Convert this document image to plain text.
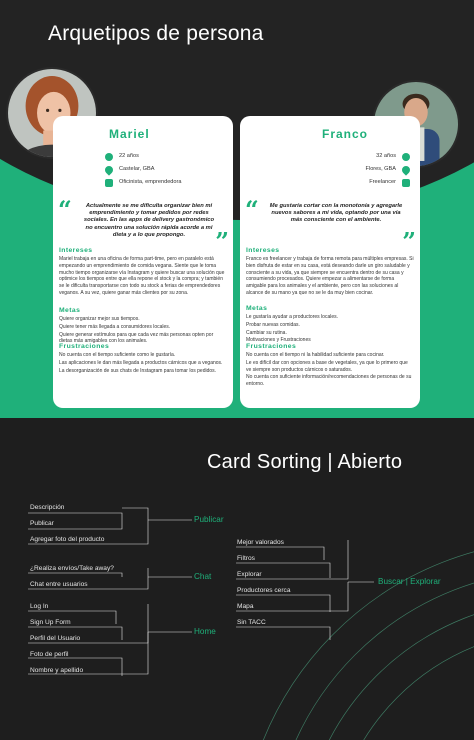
Arquetipos de persona
Mariel
22 años
Castelar, GBA
Oficinista, emprendedora
“	Actualmente se me dificulta organizar bien mi emprendimiento y tomar pedidos por redes sociales. En las apps de delivery gastronómico no encuentro una solución rápida acorde a mi dieta y a lo que propongo.	”
Intereses

Mariel trabaja en una oficina de forma part-time, pero en paralelo está empezando un emprendimiento de comida vegana. Siente que le toma mucho tiempo organizarse vía Instagram y quiere buscar una solución que optimice los tiempos entre que ella repone el stock y la compra; y también se le dificulta transportarse con todo su stock a ferias de emprendedores veganos. A su vez, quiere ganar más clientes por su zona.

Metas

Quiere organizar mejor sus tiempos.

Quiere tener más llegada a consumidores locales.

Quiere generar estímulos para que cada vez más personas opten por dietas más amigables con los animales.

Frustraciones

No cuenta con el tiempo suficiente como le gustaría.

Las aplicaciones le dan más llegada a productos cárnicos que a veganos.

La desorganización de sus chats de Instagram para tomar los pedidos.

Franco
32 años
Flores, GBA
Freelancer
“	Me gustaría cortar con la monotonía y agregarle nuevos sabores a mi vida, optando por una vía más consciente con el ambiente.
”
Intereses

Franco es freelancer y trabaja de forma remota para múltiples empresas. Si bien disfruta de estar en su casa, está deseando darle un giro saludable y consciente a su vida, ya que siempre se encuentra dentro de su casa y consumiendo procesados. Quiere empezar a alimentarse de forma amigable para los animales y el ambiente, pero con las soluciones al alcance de su mano ya que no se le da muy bien cocinar.

Metas

Le gustaría ayudar a productores locales.

Probar nuevas comidas.

Cambiar su rutina.

Motivaciones y Frustraciones

Frustraciones

No cuenta con el tiempo ni la habilidad suficiente para cocinar.

Le es difícil dar con opciones a base de vegetales, ya que lo primero que ve siempre son productos cárnicos o saturados.

No cuenta con suficiente información/recomendaciones de personas de su entorno.

Card Sorting | Abierto
Descripción
Publicar
Agregar foto del producto
Publicar
¿Realiza envíos/Take away?
Chat entre usuarios
Chat
Log In
Sign Up Form
Perfil del Usuario
Foto de perfil
Nombre y apellido
Home
Mejor valorados
Filtros
Explorar
Productores cerca
Mapa
Sin TACC
Buscar | Explorar
